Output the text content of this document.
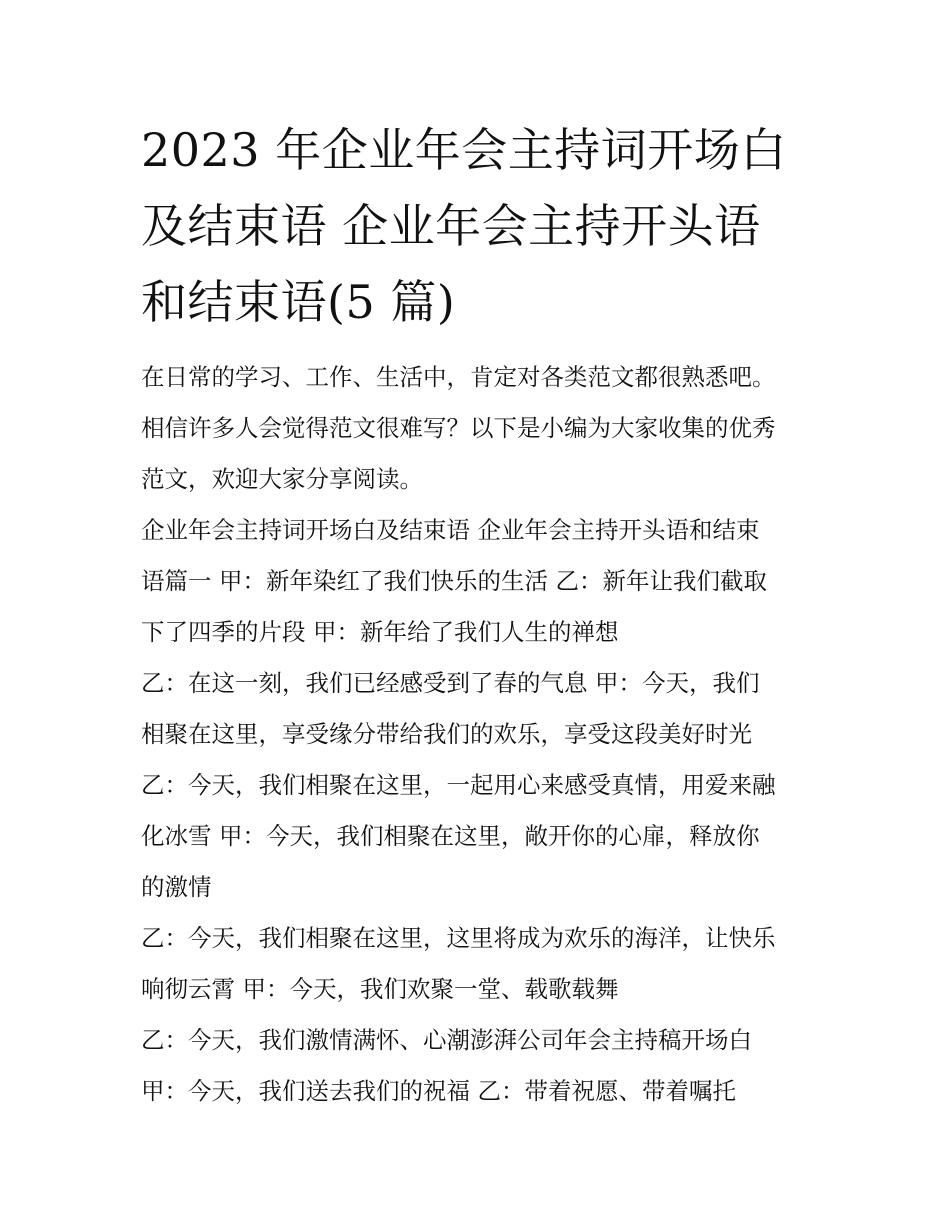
2023 年企业年会主持词开场白
及结束语 企业年会主持开头语
和结束语(5 篇)
在日常的学习、工作、生活中，肯定对各类范文都很熟悉吧。
相信许多人会觉得范文很难写？以下是小编为大家收集的优秀
范文，欢迎大家分享阅读。
企业年会主持词开场白及结束语 企业年会主持开头语和结束
语篇一 甲：新年染红了我们快乐的生活 乙：新年让我们截取
下了四季的片段 甲：新年给了我们人生的禅想
乙：在这一刻，我们已经感受到了春的气息 甲：今天，我们
相聚在这里，享受缘分带给我们的欢乐，享受这段美好时光
乙：今天，我们相聚在这里，一起用心来感受真情，用爱来融
化冰雪 甲：今天，我们相聚在这里，敞开你的心扉，释放你
的激情
乙：今天，我们相聚在这里，这里将成为欢乐的海洋，让快乐
响彻云霄 甲：今天，我们欢聚一堂、载歌载舞
乙：今天，我们激情满怀、心潮澎湃公司年会主持稿开场白
甲：今天，我们送去我们的祝福 乙：带着祝愿、带着嘱托
